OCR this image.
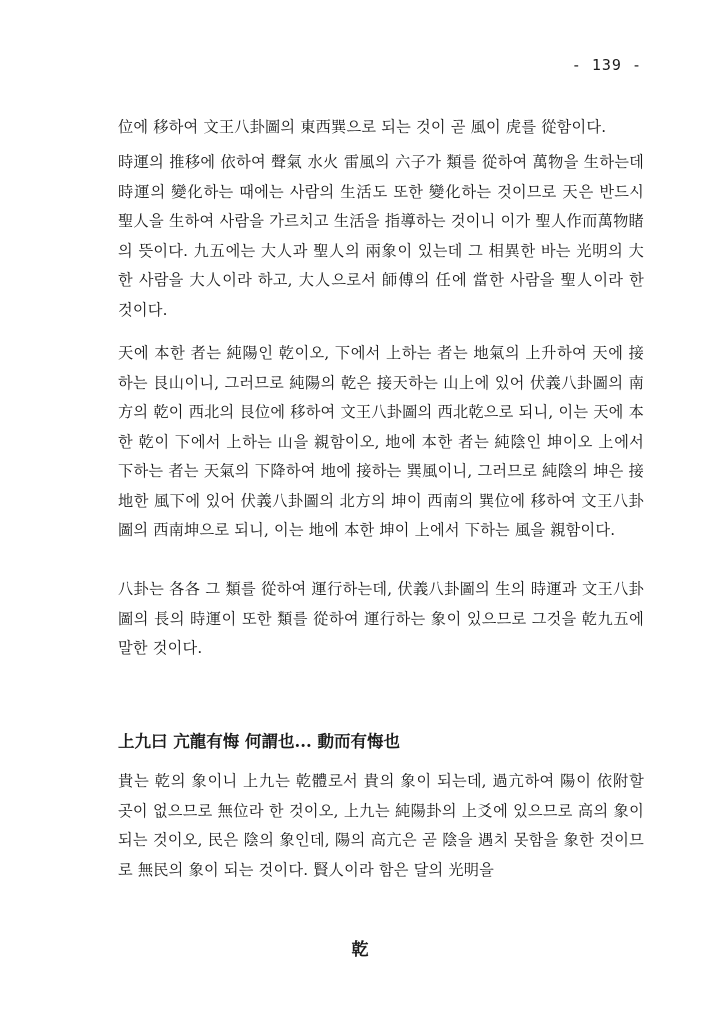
- 139 -

位에 移하여 文王八卦圖의 東西巽으로 되는 것이 곧 風이 虎를 從함이다.

時運의 推移에 依하여 聲氣 水火 雷風의 六子가 類를 從하여 萬物을 生하는데 時運의 變化하는 때에는 사람의 生活도 또한 變化하는 것이므로 天은 반드시 聖人을 生하여 사람을 가르치고 生活을 指導하는 것이니 이가 聖人作而萬物睹의 뜻이다. 九五에는 大人과 聖人의 兩象이 있는데 그 相異한 바는 光明의 大한 사람을 大人이라 하고, 大人으로서 師傅의 任에 當한 사람을 聖人이라 한 것이다.

天에 本한 者는 純陽인 乾이오, 下에서 上하는 者는 地氣의 上升하여 天에 接하는 艮山이니, 그러므로 純陽의 乾은 接天하는 山上에 있어 伏義八卦圖의 南方의 乾이 西北의 艮位에 移하여 文王八卦圖의 西北乾으로 되니, 이는 天에 本한 乾이 下에서 上하는 山을 親함이오, 地에 本한 者는 純陰인 坤이오 上에서 下하는 者는 天氣의 下降하여 地에 接하는 巽風이니, 그러므로 純陰의 坤은 接地한 風下에 있어 伏義八卦圖의 北方의 坤이 西南의 巽位에 移하여 文王八卦圖의 西南坤으로 되니, 이는 地에 本한 坤이 上에서 下하는 風을 親함이다.

八卦는 各各 그 類를 從하여 運行하는데, 伏義八卦圖의 生의 時運과 文王八卦圖의 長의 時運이 또한 類를 從하여 運行하는 象이 있으므로 그것을 乾九五에 말한 것이다.

上九曰 亢龍有悔 何謂也... 動而有悔也

貴는 乾의 象이니 上九는 乾體로서 貴의 象이 되는데, 過亢하여 陽이 依附할 곳이 없으므로 無位라 한 것이오, 上九는 純陽卦의 上爻에 있으므로 高의 象이 되는 것이오, 民은 陰의 象인데, 陽의 高亢은 곧 陰을 遇치 못함을 象한 것이므로 無民의 象이 되는 것이다. 賢人이라 함은 달의 光明을

乾
